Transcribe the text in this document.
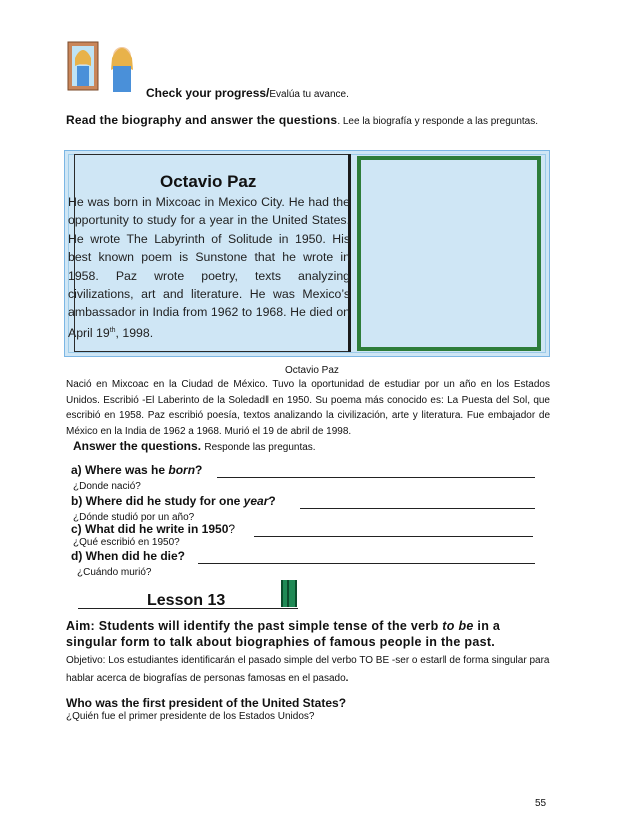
Check your progress/Evalúa tu avance.
Read the biography and answer the questions. Lee la biografía y responde a las preguntas.
Octavio Paz
He was born in Mixcoac in Mexico City. He had the opportunity to study for a year in the United States. He wrote The Labyrinth of Solitude in 1950. His best known poem is Sunstone that he wrote in 1958. Paz wrote poetry, texts analyzing civilizations, art and literature. He was Mexico’s ambassador in India from 1962 to 1968. He died on April 19th, 1998.
Octavio Paz
Nació en Mixcoac en la Ciudad de México. Tuvo la oportunidad de estudiar por un año en los Estados Unidos. Escribió -El Laberinto de la Soledad‖ en 1950. Su poema más conocido es: La Puesta del Sol, que escribió en 1958. Paz escribió poesía, textos analizando la civilización, arte y literatura. Fue embajador de México en la India de 1962 a 1968. Murió el 19 de abril de 1998.
Answer the questions. Responde las preguntas.
a) Where was he born?
¿Donde nació?
b) Where did he study for one year?
¿Dónde studió por un año?
c) What did he write in 1950?
¿Qué escribió en 1950?
d) When did he die?
¿Cuándo murió?
Lesson 13
Aim: Students will identify the past simple tense of the verb to be in a singular form to talk about biographies of famous people in the past.
Objetivo: Los estudiantes identificarán el pasado simple del verbo TO BE -ser o estar‖ de forma singular para hablar acerca de biografías de personas famosas en el pasado.
Who was the first president of the United States?
¿Quién fue el primer presidente de los Estados Unidos?
55
